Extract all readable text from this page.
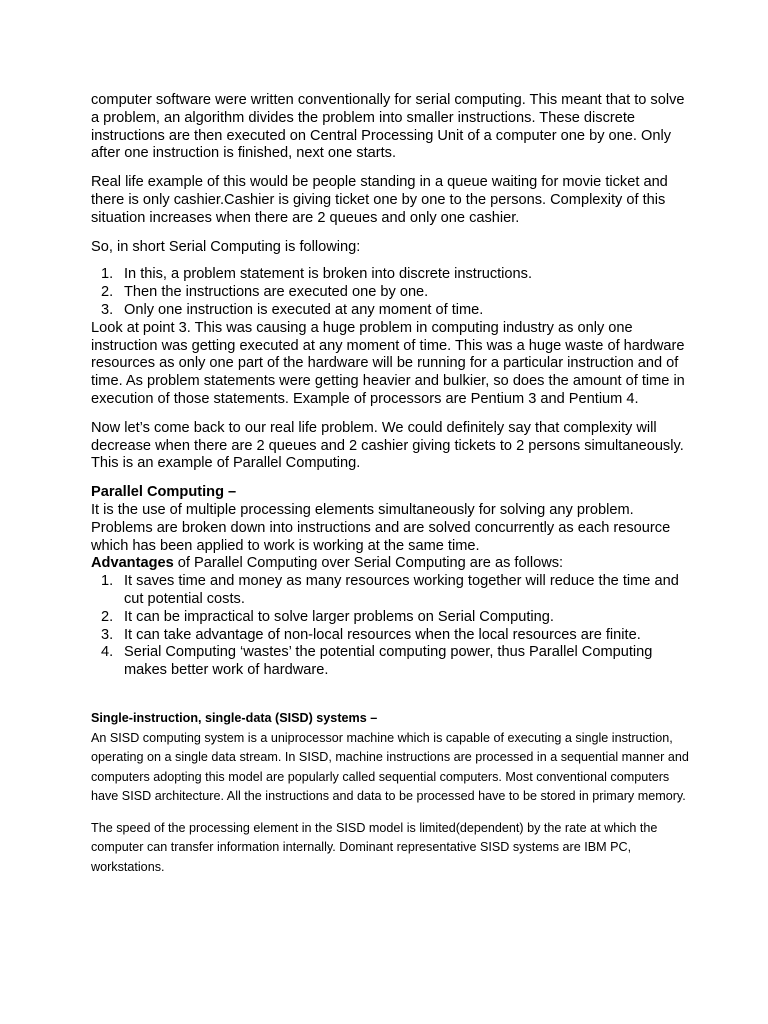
computer software were written conventionally for serial computing. This meant that to solve a problem, an algorithm divides the problem into smaller instructions. These discrete instructions are then executed on Central Processing Unit of a computer one by one. Only after one instruction is finished, next one starts.

Real life example of this would be people standing in a queue waiting for movie ticket and there is only cashier.Cashier is giving ticket one by one to the persons. Complexity of this situation increases when there are 2 queues and only one cashier.

So, in short Serial Computing is following:

1. In this, a problem statement is broken into discrete instructions.
2. Then the instructions are executed one by one.
3. Only one instruction is executed at any moment of time.

Look at point 3. This was causing a huge problem in computing industry as only one instruction was getting executed at any moment of time. This was a huge waste of hardware resources as only one part of the hardware will be running for a particular instruction and of time. As problem statements were getting heavier and bulkier, so does the amount of time in execution of those statements. Example of processors are Pentium 3 and Pentium 4.

Now let’s come back to our real life problem. We could definitely say that complexity will decrease when there are 2 queues and 2 cashier giving tickets to 2 persons simultaneously. This is an example of Parallel Computing.

Parallel Computing –

It is the use of multiple processing elements simultaneously for solving any problem. Problems are broken down into instructions and are solved concurrently as each resource which has been applied to work is working at the same time.

Advantages of Parallel Computing over Serial Computing are as follows:

1. It saves time and money as many resources working together will reduce the time and cut potential costs.
2. It can be impractical to solve larger problems on Serial Computing.
3. It can take advantage of non-local resources when the local resources are finite.
4. Serial Computing ‘wastes’ the potential computing power, thus Parallel Computing makes better work of hardware.

Single-instruction, single-data (SISD) systems –

An SISD computing system is a uniprocessor machine which is capable of executing a single instruction, operating on a single data stream. In SISD, machine instructions are processed in a sequential manner and computers adopting this model are popularly called sequential computers. Most conventional computers have SISD architecture. All the instructions and data to be processed have to be stored in primary memory.

The speed of the processing element in the SISD model is limited(dependent) by the rate at which the computer can transfer information internally. Dominant representative SISD systems are IBM PC, workstations.
